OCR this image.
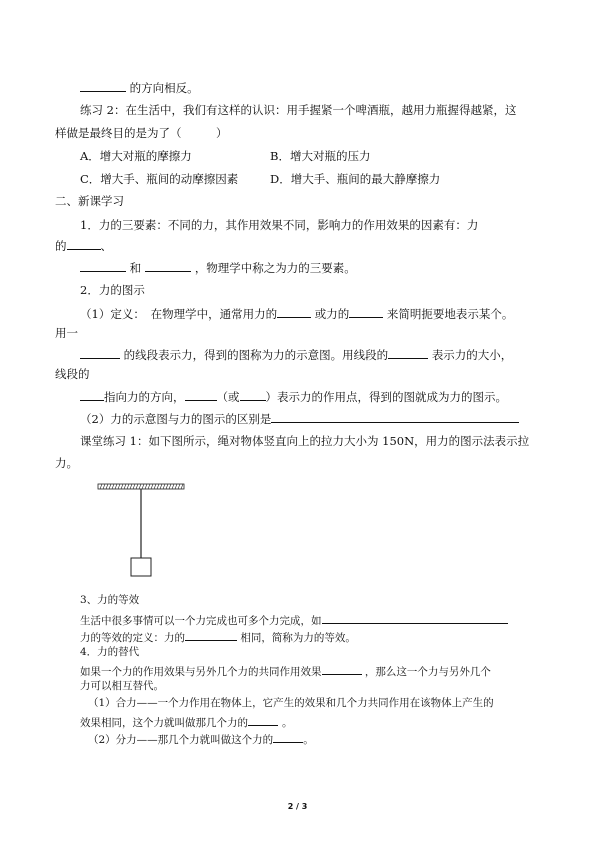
的方向相反。
练习 2：在生活中，我们有这样的认识：用手握紧一个啤酒瓶，越用力瓶握得越紧，这
样做是最终目的是为了（　　　）
A．增大对瓶的摩擦力	B．增大对瓶的压力
C．增大手、瓶间的动摩擦因素	D．增大手、瓶间的最大静摩擦力
二、新课学习
1．力的三要素：不同的力，其作用效果不同，影响力的作用效果的因素有：力
的	、
和	，物理学中称之为力的三要素。
2．力的图示
（1）定义：　在物理学中，通常用力的	或力的	来简明扼要地表示某个。
用一
的线段表示力，得到的图称为力的示意图。用线段的	表示力的大小，
线段的
指向力的方向，	（或 ）表示力的作用点，得到的图就成为力的图示。
（2）力的示意图与力的图示的区别是
课堂练习 1：如下图所示，绳对物体竖直向上的拉力大小为 150N，用力的图示法表示拉
力。
3、力的等效
生活中很多事情可以一个力完成也可多个力完成，如
力的等效的定义：力的	相同，简称为力的等效。
4．力的替代
如果一个力的作用效果与另外几个力的共同作用效果	，那么这一个力与另外几个
力可以相互替代。
（1）合力——一个力作用在物体上，它产生的效果和几个力共同作用在该物体上产生的
效果相同，这个力就叫做那几个力的	。
（2）分力——那几个力就叫做这个力的	。
2 / 3
